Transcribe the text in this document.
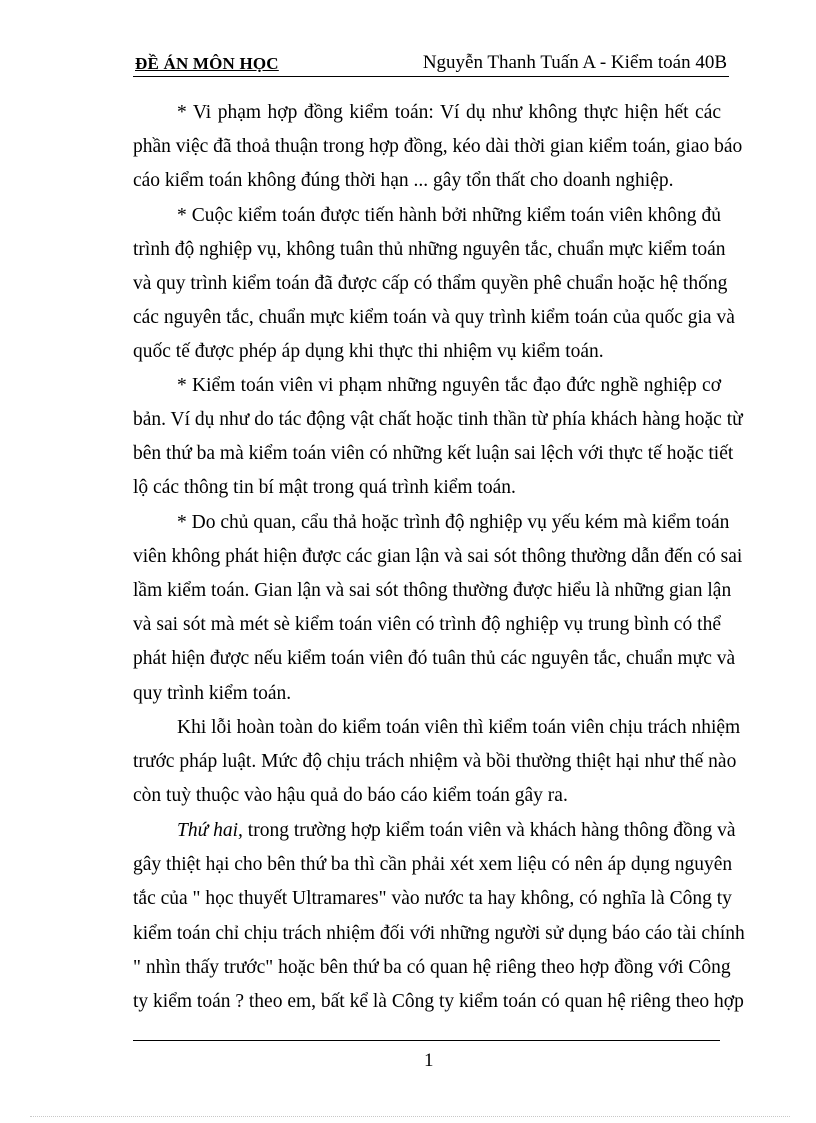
ĐỀ ÁN MÔN HỌC	Nguyễn Thanh Tuấn A - Kiểm toán 40B
* Vi phạm hợp đồng kiểm toán: Ví dụ như không thực hiện hết các
phần việc đã thoả thuận trong hợp đồng, kéo dài thời gian kiểm toán, giao báo
cáo kiểm toán không đúng thời hạn ... gây tổn thất cho doanh nghiệp.
* Cuộc kiểm toán được tiến hành bởi những kiểm toán viên không đủ
trình độ nghiệp vụ, không tuân thủ những nguyên tắc, chuẩn mực kiểm toán
và quy trình kiểm toán đã được cấp có thẩm quyền phê chuẩn hoặc hệ thống
các nguyên tắc, chuẩn mực kiểm toán và quy trình kiểm toán của quốc gia và
quốc tế được phép áp dụng khi thực thi nhiệm vụ kiểm toán.
* Kiểm toán viên vi phạm những nguyên tắc đạo đức nghề nghiệp cơ
bản. Ví dụ như do tác động vật chất hoặc tinh thần từ phía khách hàng hoặc từ
bên thứ ba mà kiểm toán viên có những kết luận sai lệch với thực tế hoặc tiết
lộ các thông tin bí mật trong quá trình kiểm toán.
* Do chủ quan, cẩu thả hoặc trình độ nghiệp vụ yếu kém mà kiểm toán
viên không phát hiện được các gian lận và sai sót thông thường dẫn đến có sai
lầm kiểm toán. Gian lận và sai sót thông thường được hiểu là những gian lận
và sai sót mà mét sè kiểm toán viên có trình độ nghiệp vụ trung bình có thể
phát hiện được nếu kiểm toán viên đó tuân thủ các nguyên tắc, chuẩn mực và
quy trình kiểm toán.
Khi lỗi hoàn toàn do kiểm toán viên thì kiểm toán viên chịu trách nhiệm
trước pháp luật. Mức độ chịu trách nhiệm và bồi thường thiệt hại như thế nào
còn tuỳ thuộc vào hậu quả do báo cáo kiểm toán gây ra.
Thứ hai, trong trường hợp kiểm toán viên và khách hàng thông đồng và
gây thiệt hại cho bên thứ ba thì cần phải xét xem liệu có nên áp dụng nguyên
tắc của " học thuyết Ultramares" vào nước ta hay không, có nghĩa là Công ty
kiểm toán chỉ chịu trách nhiệm đối với những người sử dụng báo cáo tài chính
" nhìn thấy trước" hoặc bên thứ ba có quan hệ riêng theo hợp đồng với Công
ty kiểm toán ? theo em, bất kể là Công ty kiểm toán có quan hệ riêng theo hợp
1
